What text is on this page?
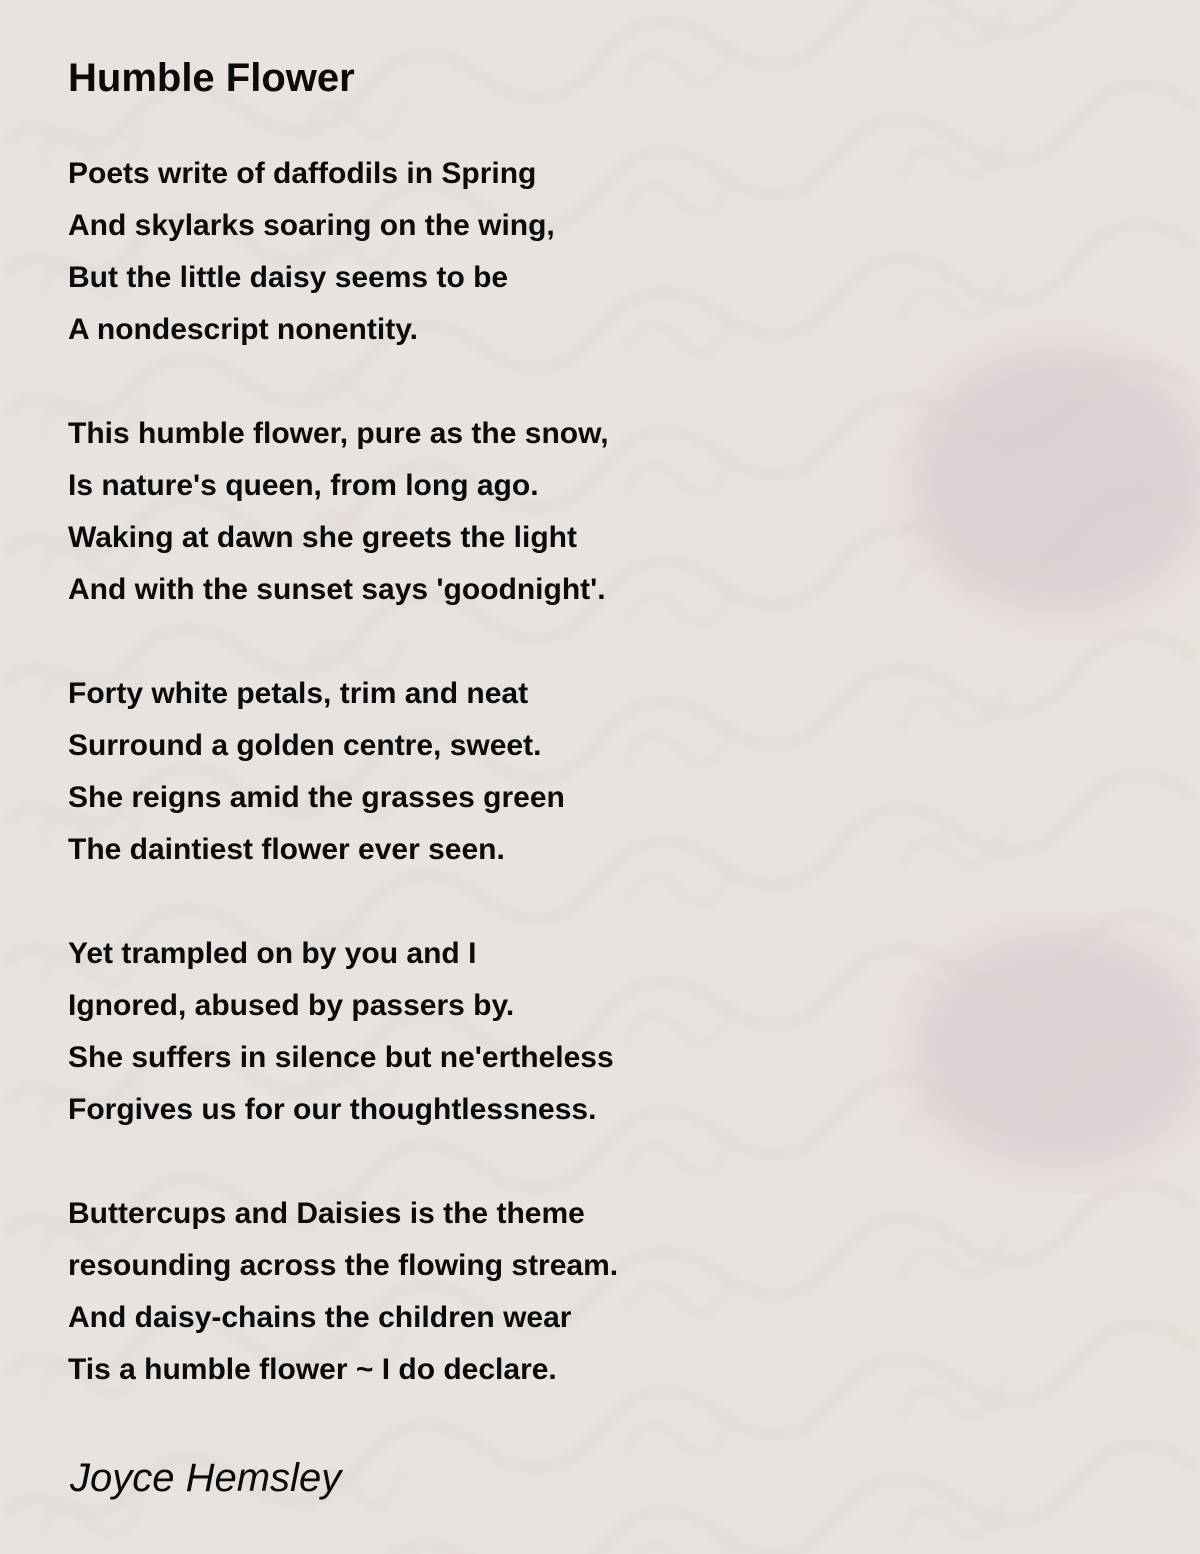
Humble Flower
Poets write of daffodils in Spring
And skylarks soaring on the wing,
But the little daisy seems to be
A nondescript nonentity.
This humble flower, pure as the snow,
Is nature's queen, from long ago.
Waking at dawn she greets the light
And with the sunset says 'goodnight'.
Forty white petals, trim and neat
Surround a golden centre, sweet.
She reigns amid the grasses green
The daintiest flower ever seen.
Yet trampled on by you and I
Ignored, abused by passers by.
She suffers in silence but ne'ertheless
Forgives us for our thoughtlessness.
Buttercups and Daisies is the theme
resounding across the flowing stream.
And daisy-chains the children wear
Tis a humble flower ~ I do declare.

Joyce Hemsley
